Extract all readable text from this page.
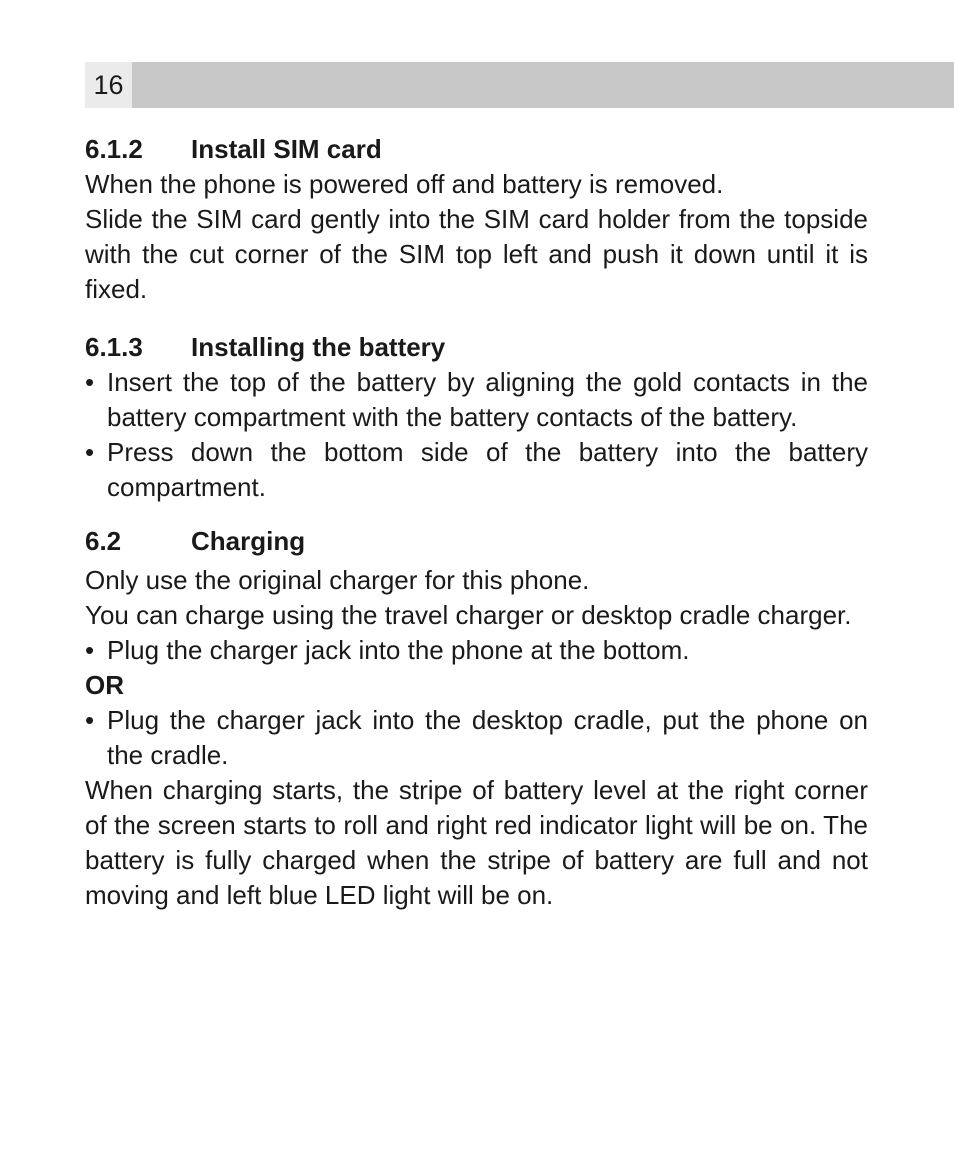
16
6.1.2 Install SIM card

When the phone is powered off and battery is removed.

Slide the SIM card gently into the SIM card holder from the topside with the cut corner of the SIM top left and push it down until it is fixed.

6.1.3 Installing the battery
• Insert the top of the battery by aligning the gold contacts in the battery compartment with the battery contacts of the battery.
• Press down the bottom side of the battery into the battery compartment.
6.2	Charging

Only use the original charger for this phone.

You can charge using the travel charger or desktop cradle charger.

• Plug the charger jack into the phone at the bottom.

OR

• Plug the charger jack into the desktop cradle, put the phone on the cradle.

When charging starts, the stripe of battery level at the right corner of the screen starts to roll and right red indicator light will be on. The battery is fully charged when the stripe of battery are full and not moving and left blue LED light will be on.
